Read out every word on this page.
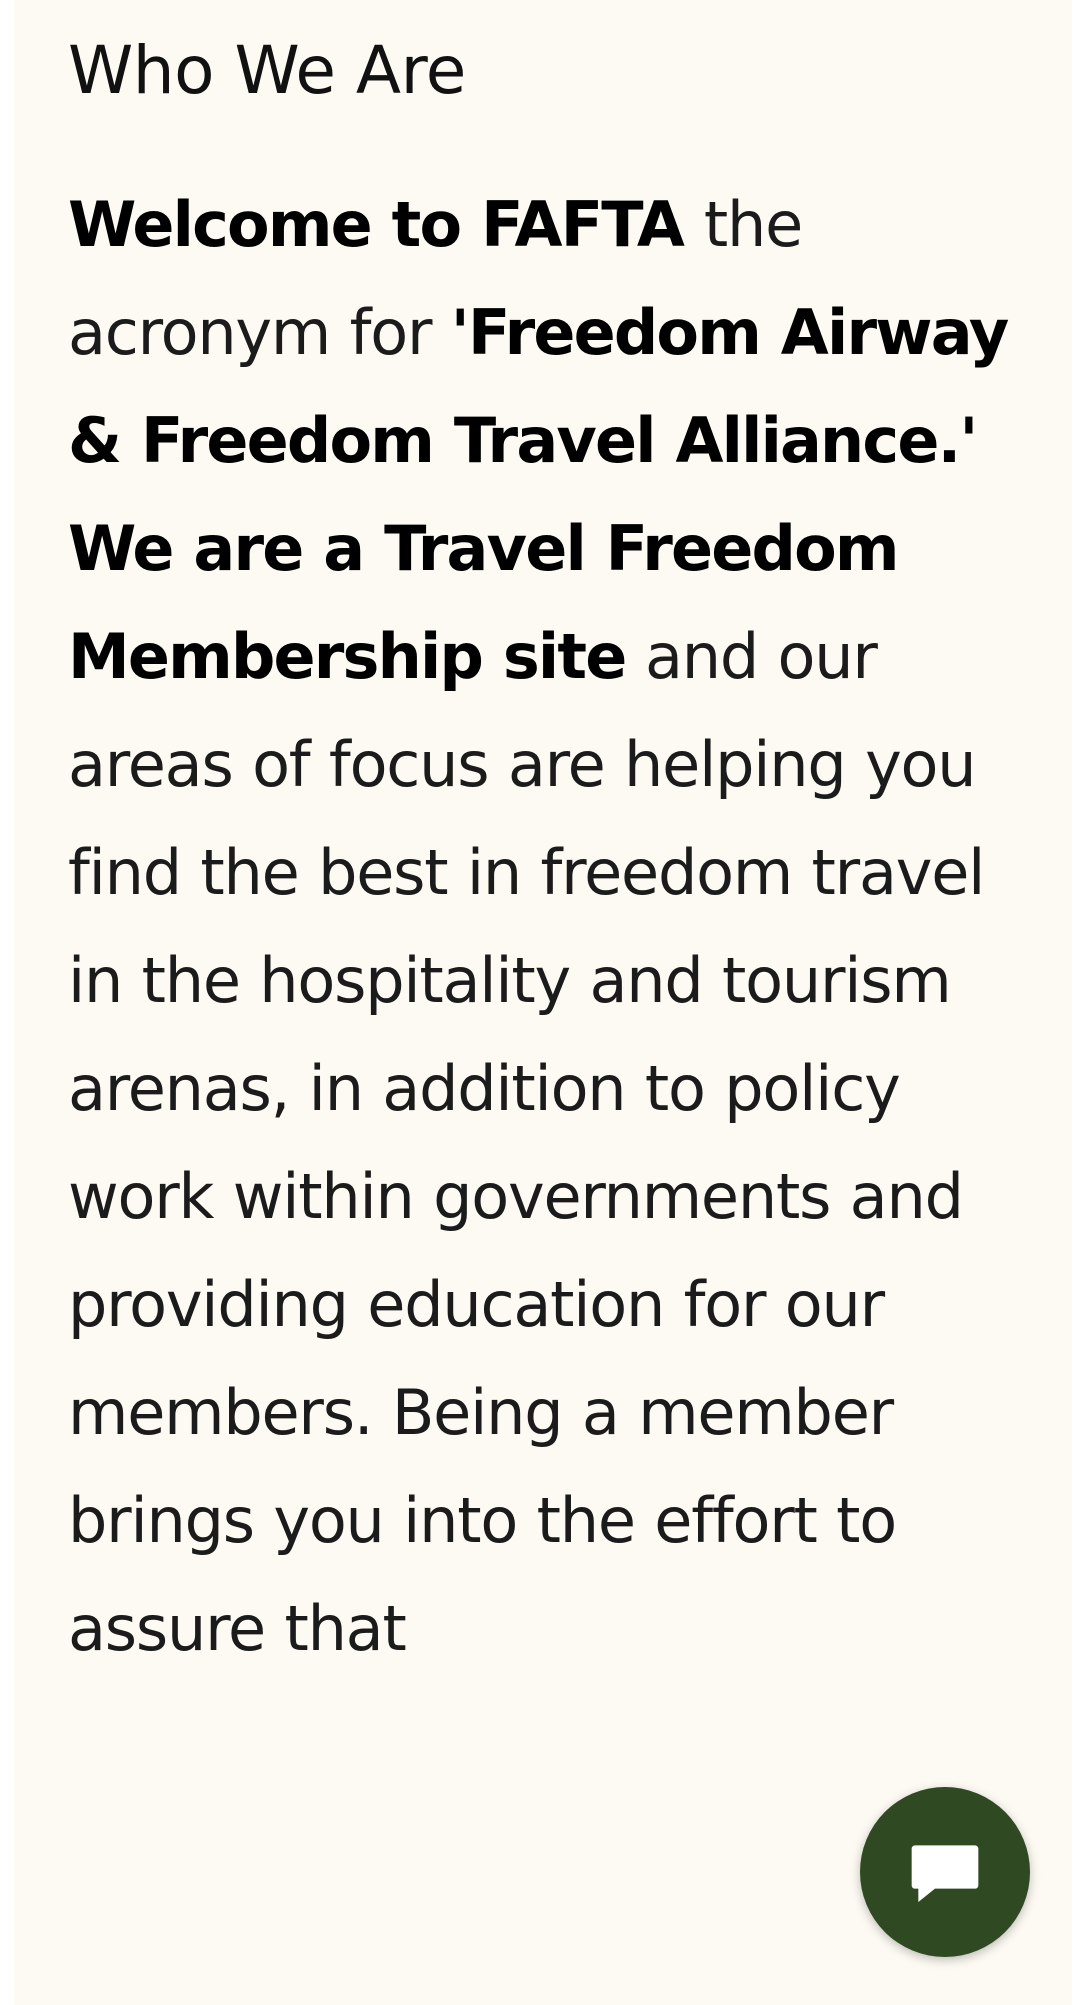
Who We Are

Welcome to FAFTA the acronym for 'Freedom Airway & Freedom Travel Alliance.' We are a Travel Freedom Membership site and our areas of focus are helping you find the best in freedom travel in the hospitality and tourism arenas, in addition to policy work within governments and providing education for our members. Being a member brings you into the effort to assure that
